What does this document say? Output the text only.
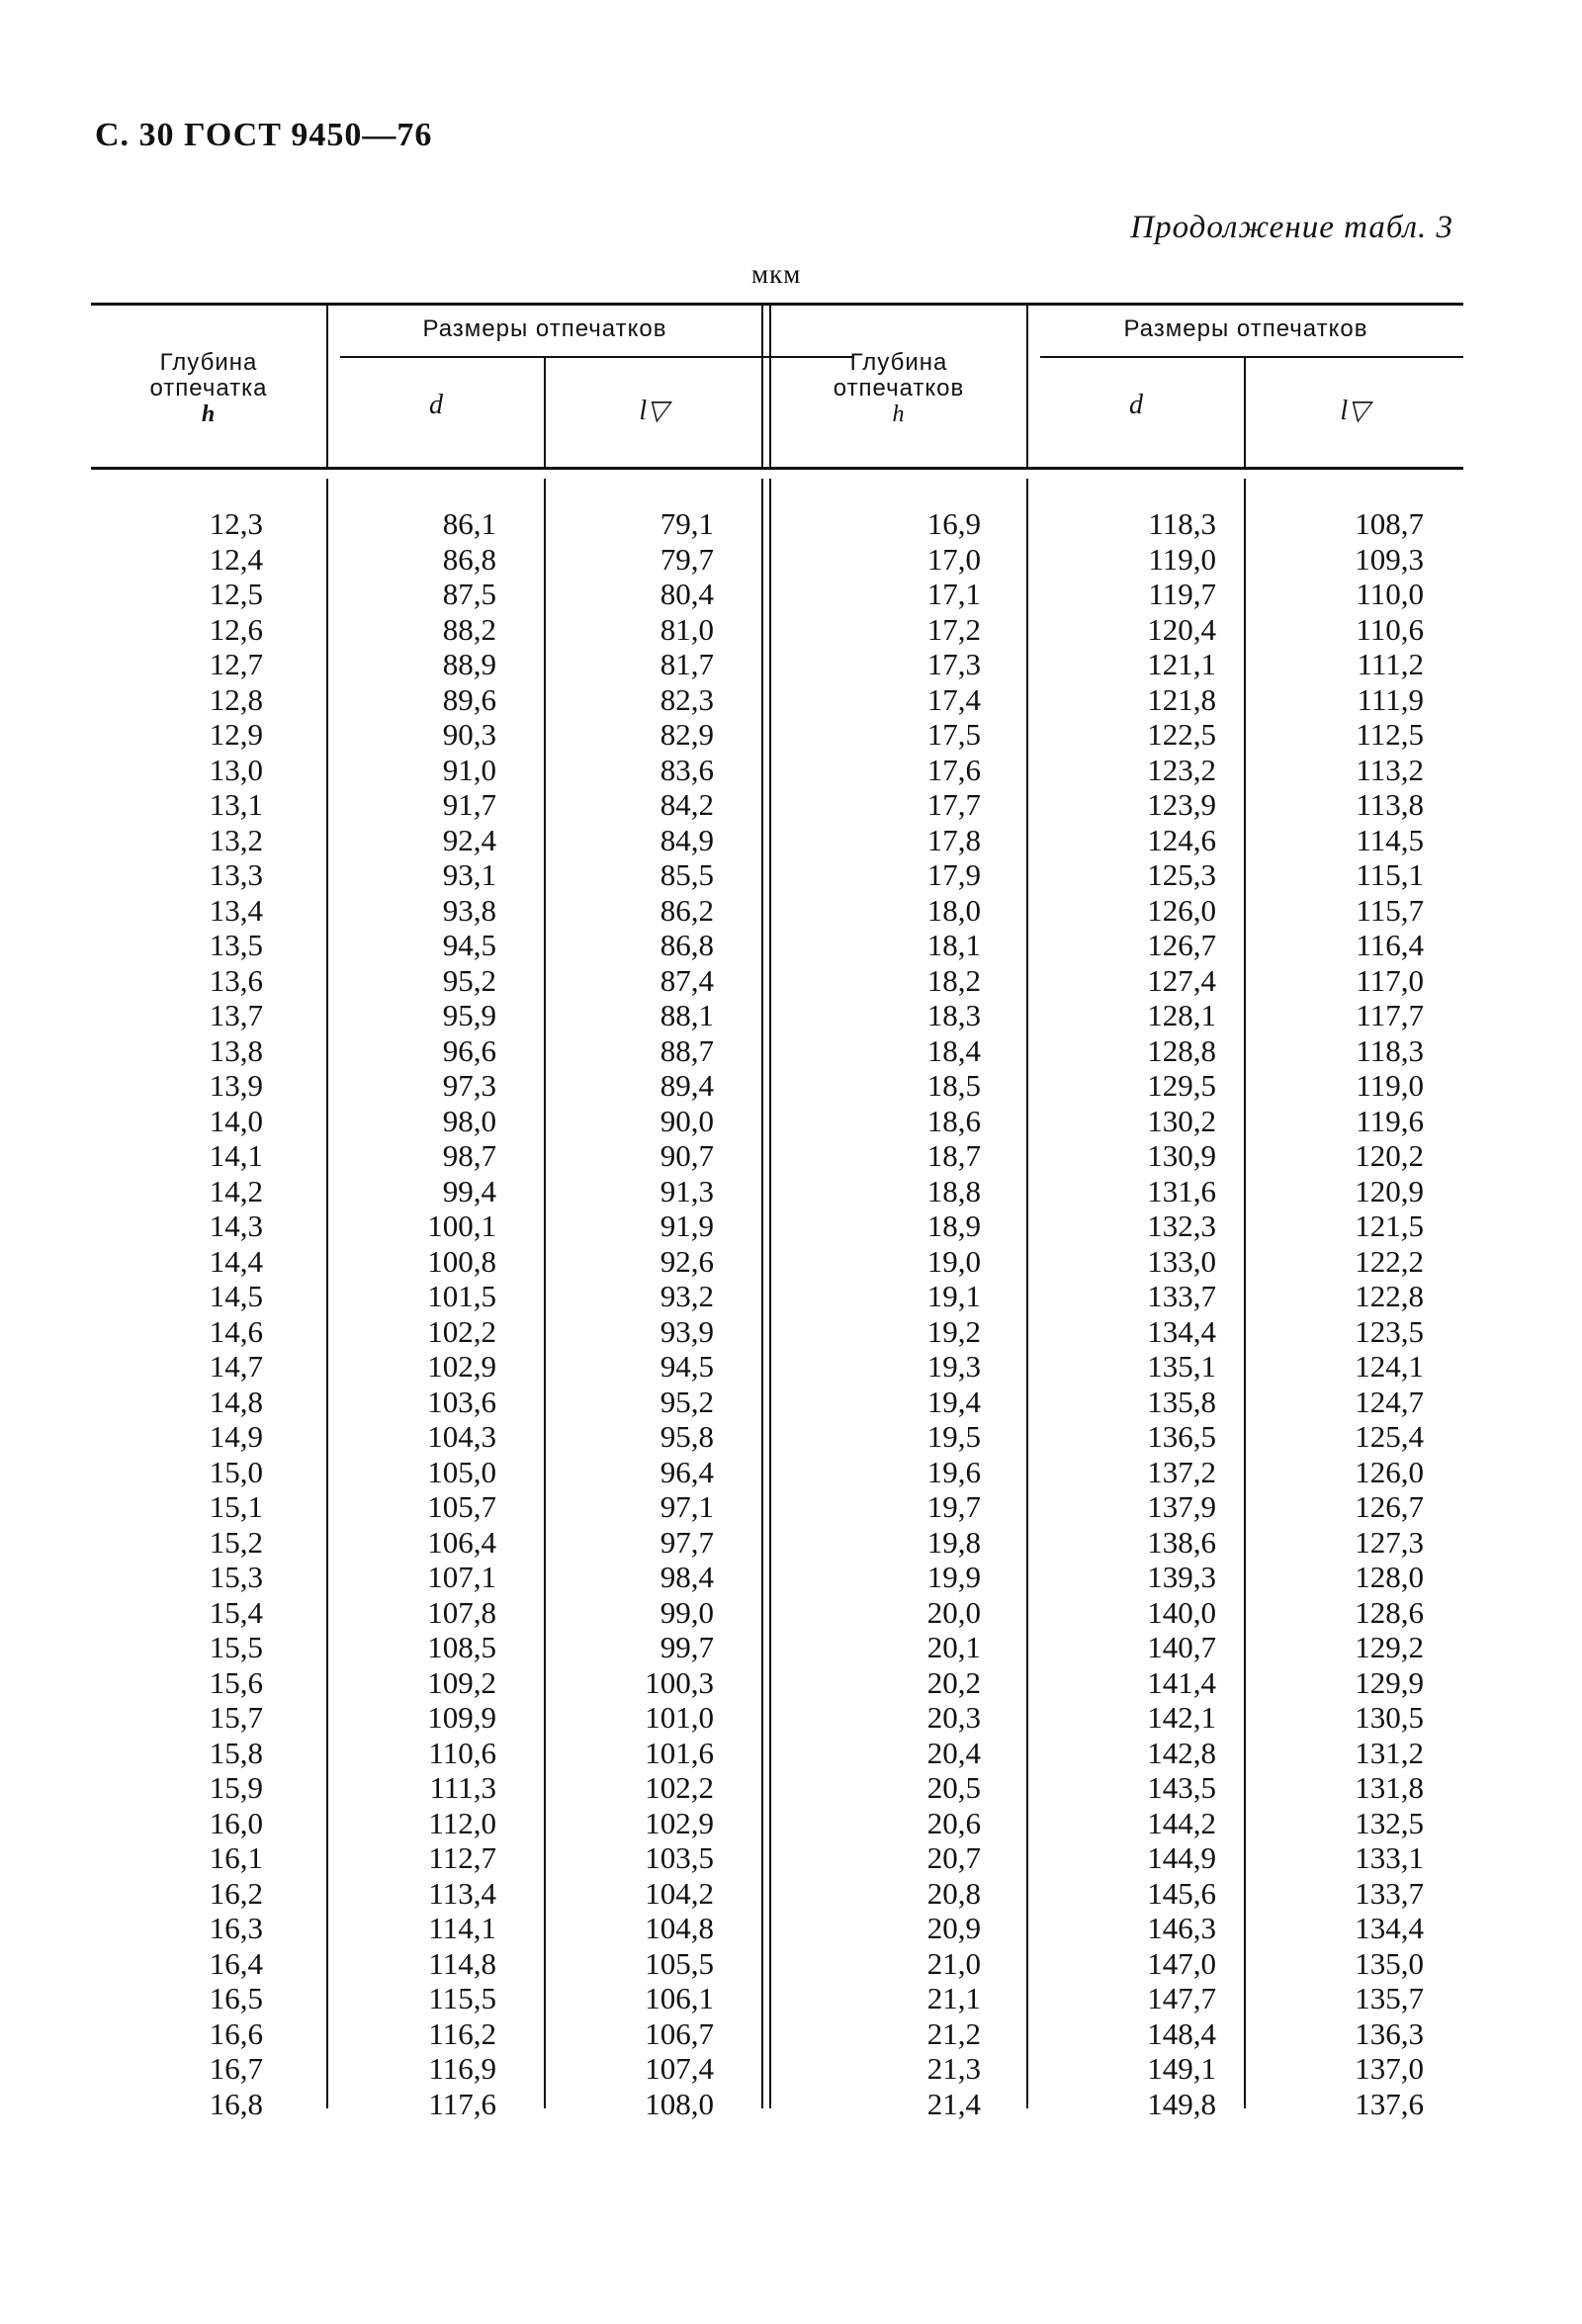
С. 30 ГОСТ 9450—76
Продолжение табл. 3
мкм
Глубина
отпечатка
h
Размеры отпечатков
d	l▽
Глубина
отпечатков
h
Размеры отпечатков
d	l▽
12,3
12,4
12,5
12,6
12,7
12,8
12,9
13,0
13,1
13,2
13,3
13,4
13,5
13,6
13,7
13,8
13,9
14,0
14,1
14,2
14,3
14,4
14,5
14,6
14,7
14,8
14,9
15,0
15,1
15,2
15,3
15,4
15,5
15,6
15,7
15,8
15,9
16,0
16,1
16,2
16,3
16,4
16,5
16,6
16,7
16,8
86,1
86,8
87,5
88,2
88,9
89,6
90,3
91,0
91,7
92,4
93,1
93,8
94,5
95,2
95,9
96,6
97,3
98,0
98,7
99,4
100,1
100,8
101,5
102,2
102,9
103,6
104,3
105,0
105,7
106,4
107,1
107,8
108,5
109,2
109,9
110,6
111,3
112,0
112,7
113,4
114,1
114,8
115,5
116,2
116,9
117,6
79,1
79,7
80,4
81,0
81,7
82,3
82,9
83,6
84,2
84,9
85,5
86,2
86,8
87,4
88,1
88,7
89,4
90,0
90,7
91,3
91,9
92,6
93,2
93,9
94,5
95,2
95,8
96,4
97,1
97,7
98,4
99,0
99,7
100,3
101,0
101,6
102,2
102,9
103,5
104,2
104,8
105,5
106,1
106,7
107,4
108,0
16,9
17,0
17,1
17,2
17,3
17,4
17,5
17,6
17,7
17,8
17,9
18,0
18,1
18,2
18,3
18,4
18,5
18,6
18,7
18,8
18,9
19,0
19,1
19,2
19,3
19,4
19,5
19,6
19,7
19,8
19,9
20,0
20,1
20,2
20,3
20,4
20,5
20,6
20,7
20,8
20,9
21,0
21,1
21,2
21,3
21,4
118,3
119,0
119,7
120,4
121,1
121,8
122,5
123,2
123,9
124,6
125,3
126,0
126,7
127,4
128,1
128,8
129,5
130,2
130,9
131,6
132,3
133,0
133,7
134,4
135,1
135,8
136,5
137,2
137,9
138,6
139,3
140,0
140,7
141,4
142,1
142,8
143,5
144,2
144,9
145,6
146,3
147,0
147,7
148,4
149,1
149,8
108,7
109,3
110,0
110,6
111,2
111,9
112,5
113,2
113,8
114,5
115,1
115,7
116,4
117,0
117,7
118,3
119,0
119,6
120,2
120,9
121,5
122,2
122,8
123,5
124,1
124,7
125,4
126,0
126,7
127,3
128,0
128,6
129,2
129,9
130,5
131,2
131,8
132,5
133,1
133,7
134,4
135,0
135,7
136,3
137,0
137,6
